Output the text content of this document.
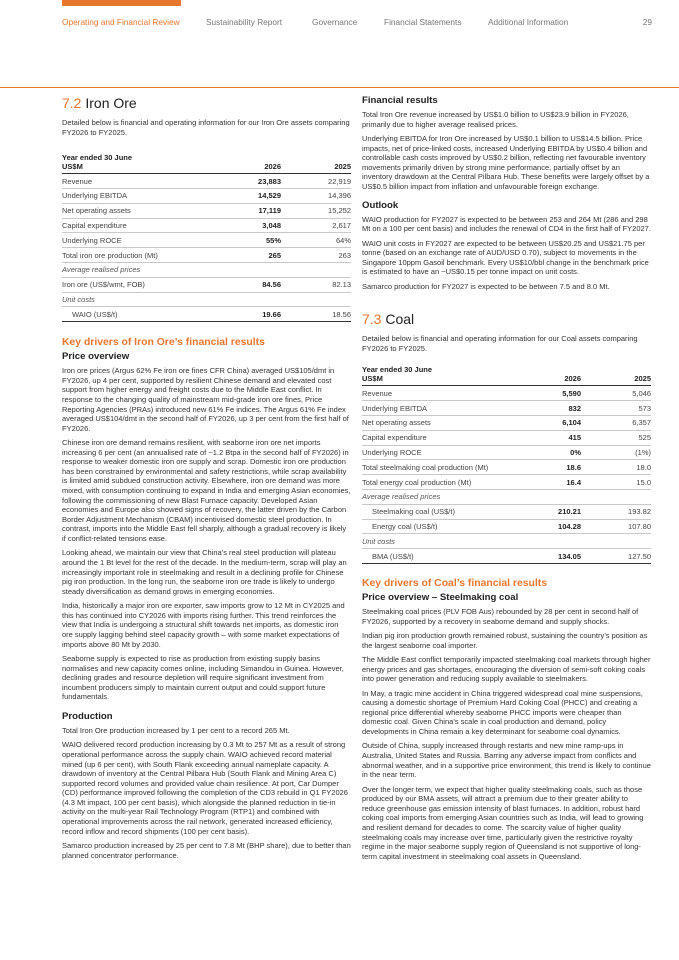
Operating and Financial Review	Sustainability Report	Governance	Financial Statements	Additional Information	29
7.2 Iron Ore

Detailed below is financial and operating information for our Iron Ore assets comparing FY2026 to FY2025.

Year ended 30 June
US$M	2026	2025
Revenue	23,883	22,919
Underlying EBITDA	14,529	14,396
Net operating assets	17,119	15,252
Capital expenditure	3,048	2,617
Underlying ROCE	55%	64%
Total iron ore production (Mt)	265	263
Average realised prices		
Iron ore (US$/wmt, FOB)	84.56	82.13
Unit costs		
WAIO (US$/t)	19.66	18.56
Key drivers of Iron Ore’s financial results
Price overview

Iron ore prices (Argus 62% Fe iron ore fines CFR China) averaged US$105/dmt in FY2026, up 4 per cent, supported by resilient Chinese demand and elevated cost support from higher energy and freight costs due to the Middle East conflict. In response to the changing quality of mainstream mid-grade iron ore fines, Price Reporting Agencies (PRAs) introduced new 61% Fe indices. The Argus 61% Fe index averaged US$104/dmt in the second half of FY2026, up 3 per cent from the first half of FY2026.

Chinese iron ore demand remains resilient, with seaborne iron ore net imports increasing 6 per cent (an annualised rate of ~1.2 Btpa in the second half of FY2026) in response to weaker domestic iron ore supply and scrap. Domestic iron ore production has been constrained by environmental and safety restrictions, while scrap availability is limited amid subdued construction activity. Elsewhere, iron ore demand was more mixed, with consumption continuing to expand in India and emerging Asian economies, following the commissioning of new Blast Furnace capacity. Developed Asian economies and Europe also showed signs of recovery, the latter driven by the Carbon Border Adjustment Mechanism (CBAM) incentivised domestic steel production. In contrast, imports into the Middle East fell sharply, although a gradual recovery is likely if conflict-related tensions ease.

Looking ahead, we maintain our view that China’s real steel production will plateau around the 1 Bt level for the rest of the decade. In the medium-term, scrap will play an increasingly important role in steelmaking and result in a declining profile for Chinese pig iron production. In the long run, the seaborne iron ore trade is likely to undergo steady diversification as demand grows in emerging economies.

India, historically a major iron ore exporter, saw imports grow to 12 Mt in CY2025 and this has continued into CY2026 with imports rising further. This trend reinforces the view that India is undergoing a structural shift towards net imports, as domestic iron ore supply lagging behind steel capacity growth – with some market expectations of imports above 80 Mt by 2030.

Seaborne supply is expected to rise as production from existing supply basins normalises and new capacity comes online, including Simandou in Guinea. However, declining grades and resource depletion will require significant investment from incumbent producers simply to maintain current output and could support future fundamentals.

Production

Total Iron Ore production increased by 1 per cent to a record 265 Mt.

WAIO delivered record production increasing by 0.3 Mt to 257 Mt as a result of strong operational performance across the supply chain. WAIO achieved record material mined (up 6 per cent), with South Flank exceeding annual nameplate capacity. A drawdown of inventory at the Central Pilbara Hub (South Flank and Mining Area C) supported record volumes and provided value chain resilience. At port, Car Dumper (CD) performance improved following the completion of the CD3 rebuild in Q1 FY2026 (4.3 Mt impact, 100 per cent basis), which alongside the planned reduction in tie-in activity on the multi-year Rail Technology Program (RTP1) and combined with operational improvements across the rail network, generated increased efficiency, record inflow and record shipments (100 per cent basis).

Samarco production increased by 25 per cent to 7.8 Mt (BHP share), due to better than planned concentrator performance.

Financial results

Total Iron Ore revenue increased by US$1.0 billion to US$23.9 billion in FY2026, primarily due to higher average realised prices.

Underlying EBITDA for Iron Ore increased by US$0.1 billion to US$14.5 billion. Price impacts, net of price-linked costs, increased Underlying EBITDA by US$0.4 billion and controllable cash costs improved by US$0.2 billion, reflecting net favourable inventory movements primarily driven by strong mine performance, partially offset by an inventory drawdown at the Central Pilbara Hub. These benefits were largely offset by a US$0.5 billion impact from inflation and unfavourable foreign exchange.

Outlook

WAIO production for FY2027 is expected to be between 253 and 264 Mt (286 and 298 Mt on a 100 per cent basis) and includes the renewal of CD4 in the first half of FY2027.

WAIO unit costs in FY2027 are expected to be between US$20.25 and US$21.75 per tonne (based on an exchange rate of AUD/USD 0.70), subject to movements in the Singapore 10ppm Gasoil benchmark. Every US$10/bbl change in the benchmark price is estimated to have an ~US$0.15 per tonne impact on unit costs.

Samarco production for FY2027 is expected to be between 7.5 and 8.0 Mt.

7.3 Coal

Detailed below is financial and operating information for our Coal assets comparing FY2026 to FY2025.

Year ended 30 June
US$M	2026	2025
Revenue	5,590	5,046
Underlying EBITDA	832	573
Net operating assets	6,104	6,357
Capital expenditure	415	525
Underlying ROCE	0%	(1%)
Total steelmaking coal production (Mt)	18.6	18.0
Total energy coal production (Mt)	16.4	15.0
Average realised prices		
Steelmaking coal (US$/t)	210.21	193.82
Energy coal (US$/t)	104.28	107.80
Unit costs		
BMA (US$/t)	134.05	127.50
Key drivers of Coal’s financial results
Price overview – Steelmaking coal

Steelmaking coal prices (PLV FOB Aus) rebounded by 28 per cent in second half of FY2026, supported by a recovery in seaborne demand and supply shocks.

Indian pig iron production growth remained robust, sustaining the country’s position as the largest seaborne coal importer.

The Middle East conflict temporarily impacted steelmaking coal markets through higher energy prices and gas shortages, encouraging the diversion of semi-soft coking coals into power generation and reducing supply available to steelmakers.

In May, a tragic mine accident in China triggered widespread coal mine suspensions, causing a domestic shortage of Premium Hard Coking Coal (PHCC) and creating a regional price differential whereby seaborne PHCC imports were cheaper than domestic coal. Given China’s scale in coal production and demand, policy developments in China remain a key determinant for seaborne coal dynamics.

Outside of China, supply increased through restarts and new mine ramp-ups in Australia, United States and Russia. Barring any adverse impact from conflicts and abnormal weather, and in a supportive price environment, this trend is likely to continue in the near term.

Over the longer term, we expect that higher quality steelmaking coals, such as those produced by our BMA assets, will attract a premium due to their greater ability to reduce greenhouse gas emission intensity of blast furnaces. In addition, robust hard coking coal imports from emerging Asian countries such as India, will lead to growing and resilient demand for decades to come. The scarcity value of higher quality steelmaking coals may increase over time, particularly given the restrictive royalty regime in the major seaborne supply region of Queensland is not supportive of long-term capital investment in steelmaking coal assets in Queensland.
